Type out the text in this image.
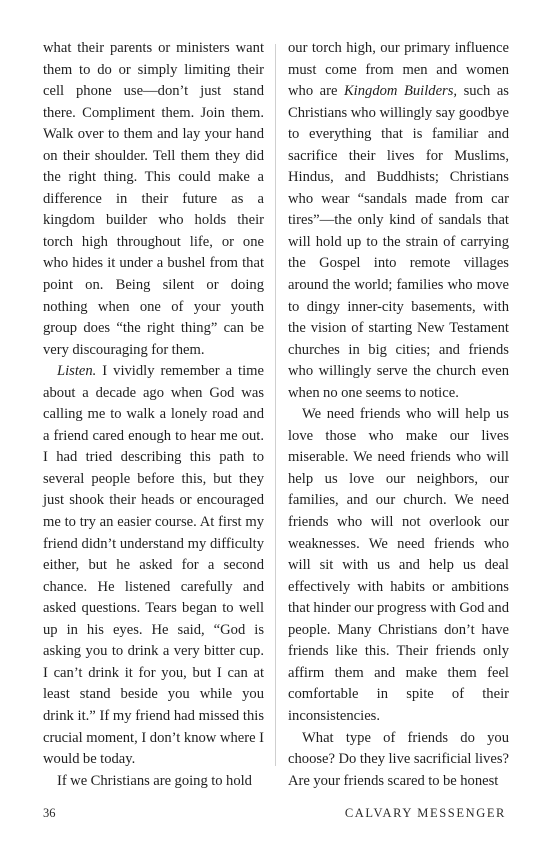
what their parents or ministers want them to do or simply limiting their cell phone use—don’t just stand there. Compliment them. Join them. Walk over to them and lay your hand on their shoulder. Tell them they did the right thing. This could make a difference in their future as a kingdom builder who holds their torch high throughout life, or one who hides it under a bushel from that point on. Being silent or doing nothing when one of your youth group does “the right thing” can be very discouraging for them.

Listen. I vividly remember a time about a decade ago when God was calling me to walk a lonely road and a friend cared enough to hear me out. I had tried describing this path to several people before this, but they just shook their heads or encouraged me to try an easier course. At first my friend didn’t understand my difficulty either, but he asked for a second chance. He listened carefully and asked questions. Tears began to well up in his eyes. He said, “God is asking you to drink a very bitter cup. I can’t drink it for you, but I can at least stand beside you while you drink it.” If my friend had missed this crucial moment, I don’t know where I would be today.

If we Christians are going to hold

our torch high, our primary influence must come from men and women who are Kingdom Builders, such as Christians who willingly say goodbye to everything that is familiar and sacrifice their lives for Muslims, Hindus, and Buddhists; Christians who wear “sandals made from car tires”—the only kind of sandals that will hold up to the strain of carrying the Gospel into remote villages around the world; families who move to dingy inner-city basements, with the vision of starting New Testament churches in big cities; and friends who willingly serve the church even when no one seems to notice.

We need friends who will help us love those who make our lives miserable. We need friends who will help us love our neighbors, our families, and our church. We need friends who will not overlook our weaknesses. We need friends who will sit with us and help us deal effectively with habits or ambitions that hinder our progress with God and people. Many Christians don’t have friends like this. Their friends only affirm them and make them feel comfortable in spite of their inconsistencies.

What type of friends do you choose? Do they live sacrificial lives? Are your friends scared to be honest

36	CALVARY MESSENGER
